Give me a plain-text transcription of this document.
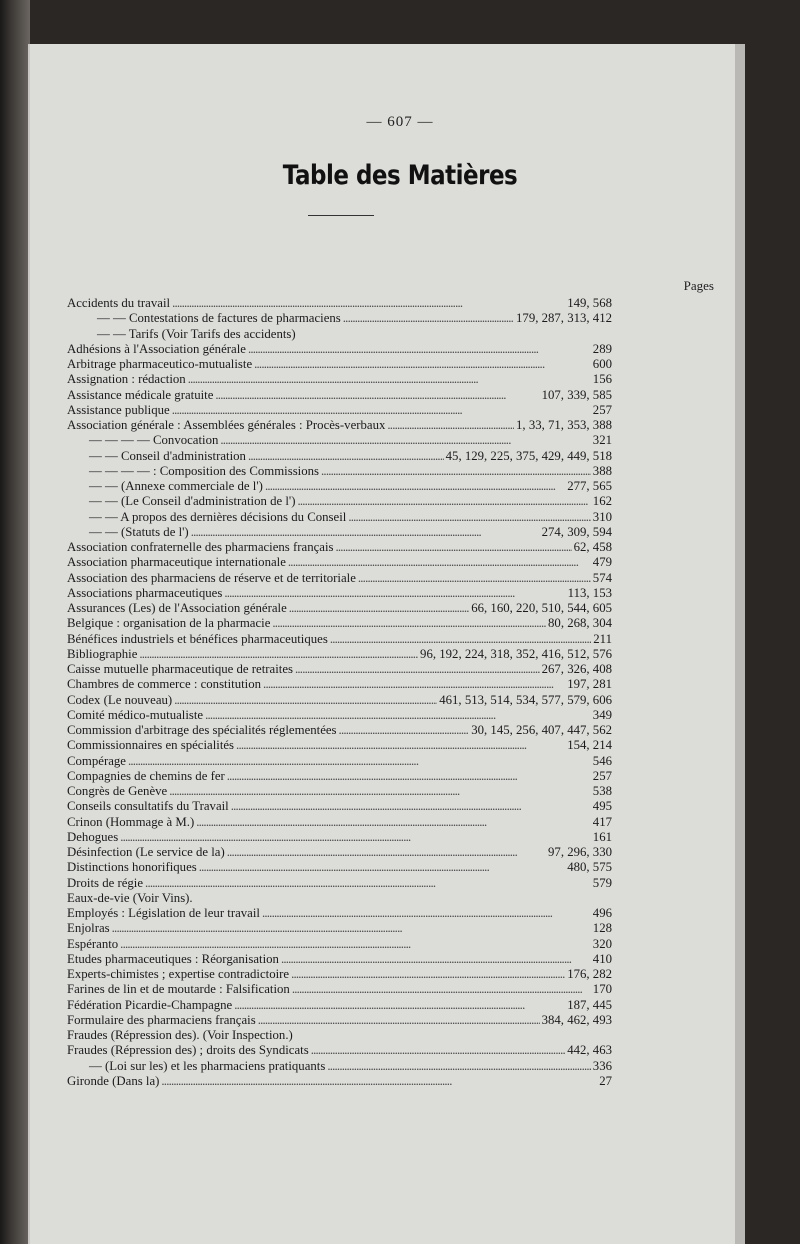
— 607 —
Table des Matières
Pages
Accidents du travail . . .	149, 568
— — Contestations de factures de pharmaciens . . .	179, 287, 313, 412
— — Tarifs (Voir Tarifs des accidents)
Adhésions à l'Association générale . . .	289
Arbitrage pharmaceutico-mutualiste . . .	600
Assignation : rédaction . . .	156
Assistance médicale gratuite . . .	107, 339, 585
Assistance publique . . .	257
Association générale : Assemblées générales : Procès-verbaux . . .	1, 33, 71, 353, 388
— — — — Convocation . . .	321
— — Conseil d'administration . . .	45, 129, 225, 375, 429, 449, 518
— — — — : Composition des Commissions . . .	388
— — (Annexe commerciale de l') . . .	277, 565
— — (Le Conseil d'administration de l') . . .	162
— — A propos des dernières décisions du Conseil . . .	310
— — (Statuts de l') . . .	274, 309, 594
Association confraternelle des pharmaciens français . . .	62, 458
Association pharmaceutique internationale . . .	479
Association des pharmaciens de réserve et de territoriale . . .	574
Associations pharmaceutiques . . .	113, 153
Assurances (Les) de l'Association générale . . .	66, 160, 220, 510, 544, 605
Belgique : organisation de la pharmacie . . .	80, 268, 304
Bénéfices industriels et bénéfices pharmaceutiques . . .	211
Bibliographie . . .	96, 192, 224, 318, 352, 416, 512, 576
Caisse mutuelle pharmaceutique de retraites . . .	267, 326, 408
Chambres de commerce : constitution . . .	197, 281
Codex (Le nouveau) . . .	461, 513, 514, 534, 577, 579, 606
Comité médico-mutualiste . . .	349
Commission d'arbitrage des spécialités réglementées . . .	30, 145, 256, 407, 447, 562
Commissionnaires en spécialités . . .	154, 214
Compérage . . .	546
Compagnies de chemins de fer . . .	257
Congrès de Genève . . .	538
Conseils consultatifs du Travail . . .	495
Crinon (Hommage à M.) . . .	417
Dehogues . . .	161
Désinfection (Le service de la) . . .	97, 296, 330
Distinctions honorifiques . . .	480, 575
Droits de régie . . .	579
Eaux-de-vie (Voir Vins).
Employés : Législation de leur travail . . .	496
Enjolras . . .	128
Espéranto . . .	320
Etudes pharmaceutiques : Réorganisation . . .	410
Experts-chimistes ; expertise contradictoire . . .	176, 282
Farines de lin et de moutarde : Falsification . . .	170
Fédération Picardie-Champagne . . .	187, 445
Formulaire des pharmaciens français . . .	384, 462, 493
Fraudes (Répression des). (Voir Inspection.)
Fraudes (Répression des) ; droits des Syndicats . . .	442, 463
— (Loi sur les) et les pharmaciens pratiquants . . .	336
Gironde (Dans la) . . .	27
